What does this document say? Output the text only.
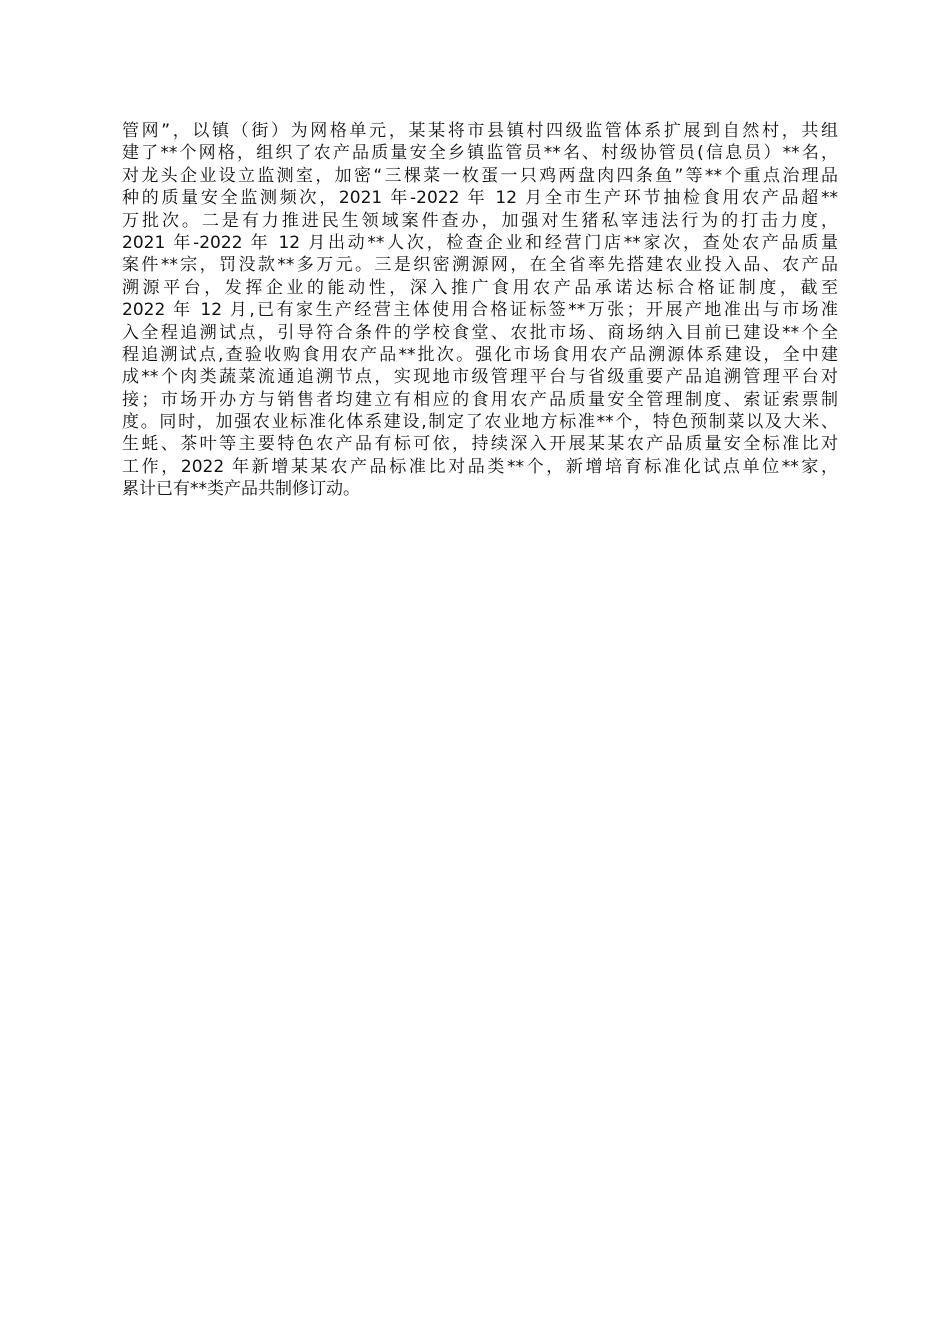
管网”，以镇（街）为网格单元，某某将市县镇村四级监管体系扩展到自然村，共组
建了**个网格，组织了农产品质量安全乡镇监管员**名、村级协管员(信息员）**名，
对龙头企业设立监测室，加密“三棵菜一枚蛋一只鸡两盘肉四条鱼”等**个重点治理品
种的质量安全监测频次，2021 年-2022 年 12 月全市生产环节抽检食用农产品超**
万批次。二是有力推进民生领域案件查办，加强对生猪私宰违法行为的打击力度，
2021 年-2022 年 12 月出动**人次，检查企业和经营门店**家次，查处农产品质量
案件**宗，罚没款**多万元。三是织密溯源网，在全省率先搭建农业投入品、农产品
溯源平台，发挥企业的能动性，深入推广食用农产品承诺达标合格证制度，截至
2022 年 12 月,已有家生产经营主体使用合格证标签**万张；开展产地准出与市场准
入全程追溯试点，引导符合条件的学校食堂、农批市场、商场纳入目前已建设**个全
程追溯试点,查验收购食用农产品**批次。强化市场食用农产品溯源体系建设，全中建
成**个肉类蔬菜流通追溯节点，实现地市级管理平台与省级重要产品追溯管理平台对
接；市场开办方与销售者均建立有相应的食用农产品质量安全管理制度、索证索票制
度。同时，加强农业标准化体系建设,制定了农业地方标准**个，特色预制菜以及大米、
生蚝、茶叶等主要特色农产品有标可依，持续深入开展某某农产品质量安全标准比对
工作，2022 年新增某某农产品标准比对品类**个，新增培育标准化试点单位**家，
累计已有**类产品共制修订动。
